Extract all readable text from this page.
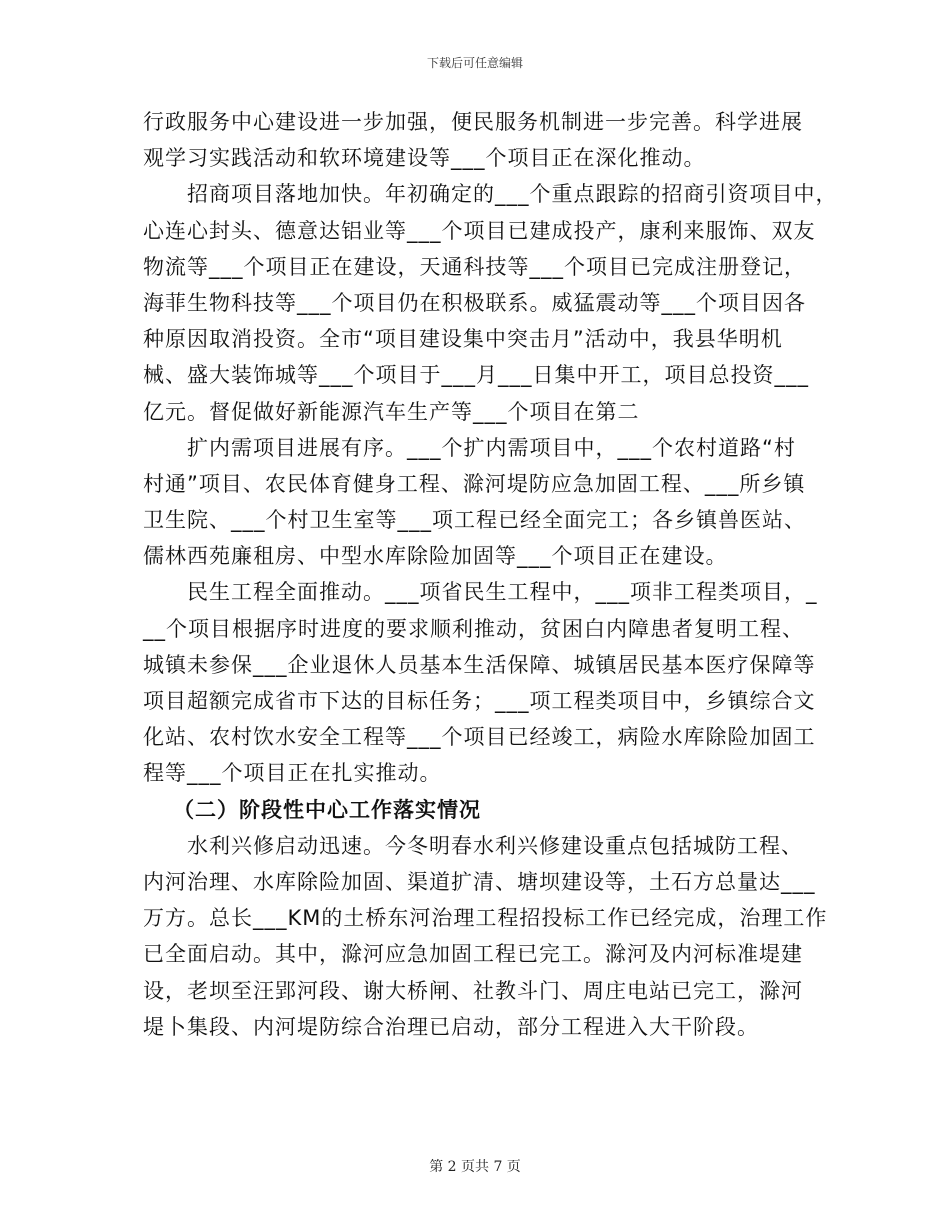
下载后可任意编辑
行政服务中心建设进一步加强，便民服务机制进一步完善。科学进展
观学习实践活动和软环境建设等___个项目正在深化推动。
招商项目落地加快。年初确定的___个重点跟踪的招商引资项目中，
心连心封头、德意达铝业等___个项目已建成投产，康利来服饰、双友
物流等___个项目正在建设，天通科技等___个项目已完成注册登记，
海菲生物科技等___个项目仍在积极联系。威猛震动等___个项目因各
种原因取消投资。全市“项目建设集中突击月”活动中，我县华明机
械、盛大装饰城等___个项目于___月___日集中开工，项目总投资___
亿元。督促做好新能源汽车生产等___个项目在第二
扩内需项目进展有序。___个扩内需项目中，___个农村道路“村
村通”项目、农民体育健身工程、滁河堤防应急加固工程、___所乡镇
卫生院、___个村卫生室等___项工程已经全面完工；各乡镇兽医站、
儒林西苑廉租房、中型水库除险加固等___个项目正在建设。
民生工程全面推动。___项省民生工程中，___项非工程类项目，_
__个项目根据序时进度的要求顺利推动，贫困白内障患者复明工程、
城镇未参保___企业退休人员基本生活保障、城镇居民基本医疗保障等
项目超额完成省市下达的目标任务；___项工程类项目中，乡镇综合文
化站、农村饮水安全工程等___个项目已经竣工，病险水库除险加固工
程等___个项目正在扎实推动。
（二）阶段性中心工作落实情况
水利兴修启动迅速。今冬明春水利兴修建设重点包括城防工程、
内河治理、水库除险加固、渠道扩清、塘坝建设等，土石方总量达___
万方。总长___KM的土桥东河治理工程招投标工作已经完成，治理工作
已全面启动。其中，滁河应急加固工程已完工。滁河及内河标准堤建
设，老坝至汪郢河段、谢大桥闸、社教斗门、周庄电站已完工，滁河
堤卜集段、内河堤防综合治理已启动，部分工程进入大干阶段。
第 2 页共 7 页
